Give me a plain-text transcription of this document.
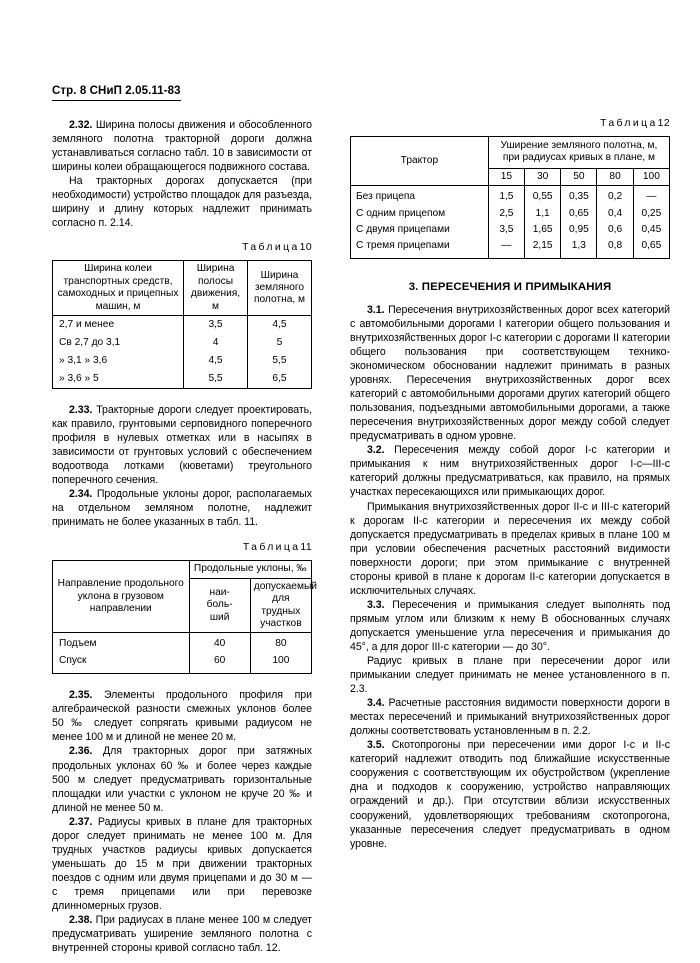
Стр. 8 СНиП 2.05.11-83

2.32. Ширина полосы движения и обособленного земляного полотна тракторной дороги должна устанавливаться согласно табл. 10 в зависимости от ширины колеи обращающегося подвижного состава.

На тракторных дорогах допускается (при необходимости) устройство площадок для разъезда, ширину и длину которых надлежит принимать согласно п. 2.14.

Таблица10
Ширина колеи транспортных средств, самоходных и прицепных машин, м	Ширина полосы движения, м	Ширина земляного полотна, м
2,7 и менее	3,5	4,5
Св 2,7 до 3,1	4	5
» 3,1 » 3,6	4,5	5,5
» 3,6 » 5	5,5	6,5

2.33. Тракторные дороги следует проектировать, как правило, грунтовыми серповидного поперечного профиля в нулевых отметках или в насыпях в зависимости от грунтовых условий с обеспечением водоотвода лотками (кюветами) треугольного поперечного сечения.

2.34. Продольные уклоны дорог, располагаемых на отдельном земляном полотне, надлежит принимать не более указанных в табл. 11.

Таблица11
Направление продольного уклона в грузовом направлении	Продольные уклоны, ‰	

	наи-
боль-
ший	допускаемый для трудных участков
Подъем	40	80
Спуск	60	100

2.35. Элементы продольного профиля при алгебраической разности смежных уклонов более 50 ‰ следует сопрягать кривыми радиусом не менее 100 м и длиной не менее 20 м.

2.36. Для тракторных дорог при затяжных продольных уклонах 60 ‰ и более через каждые 500 м следует предусматривать горизонтальные площадки или участки с уклоном не круче 20 ‰ и длиной не менее 50 м.

2.37. Радиусы кривых в плане для тракторных дорог следует принимать не менее 100 м. Для трудных участков радиусы кривых допускается уменьшать до 15 м при движении тракторных поездов с одним или двумя прицепами и до 30 м — с тремя прицепами или при перевозке длинномерных грузов.

2.38. При радиусах в плане менее 100 м следует предусматривать уширение земляного полотна с внутренней стороны кривой согласно табл. 12.

Таблица12
Трактор	Уширение земляного полотна, м, при радиусах кривых в плане, м				
	15	30	50	80	100
Без прицепа	1,5	0,55	0,35	0,2	—
С одним прицепом	2,5	1,1	0,65	0,4	0,25
С двумя прицепами	3,5	1,65	0,95	0,6	0,45
С тремя прицепами	—	2,15	1,3	0,8	0,65
3. ПЕРЕСЕЧЕНИЯ И ПРИМЫКАНИЯ

3.1. Пересечения внутрихозяйственных дорог всех категорий с автомобильными дорогами I категории общего пользования и внутрихозяйственных дорог I-с категории с дорогами II категории общего пользования при соответствующем технико-экономическом обосновании надлежит принимать в разных уровнях. Пересечения внутрихозяйственных дорог всех категорий с автомобильными дорогами других категорий общего пользования, подъездными автомобильными дорогами, а также пересечения внутрихозяйственных дорог между собой следует предусматривать в одном уровне.

3.2. Пересечения между собой дорог I-с категории и примыкания к ним внутрихозяйственных дорог I-с—III-с категорий должны предусматриваться, как правило, на прямых участках пересекающихся или примыкающих дорог.

Примыкания внутрихозяйственных дорог II-с и III-с категорий к дорогам II-с категории и пересечения их между собой допускается предусматривать в пределах кривых в плане 100 м при условии обеспечения расчетных расстояний видимости поверхности дороги; при этом примыкание с внутренней стороны кривой в плане к дорогам II-с категории допускается в исключительных случаях.

3.3. Пересечения и примыкания следует выполнять под прямым углом или близким к нему В обоснованных случаях допускается уменьшение угла пересечения и примыкания до 45°, а для дорог III-с категории — до 30°.

Радиус кривых в плане при пересечении дорог или примыкании следует принимать не менее установленного в п. 2.3.

3.4. Расчетные расстояния видимости поверхности дороги в местах пересечений и примыканий внутрихозяйственных дорог должны соответствовать установленным в п. 2.2.

3.5. Скотопрогоны при пересечении ими дорог I-с и II-с категорий надлежит отводить под ближайшие искусственные сооружения с соответствующим их обустройством (укрепление дна и подходов к сооружению, устройство направляющих ограждений и др.). При отсутствии вблизи искусственных сооружений, удовлетворяющих требованиям скотопрогона, указанные пересечения следует предусматривать в одном уровне.
